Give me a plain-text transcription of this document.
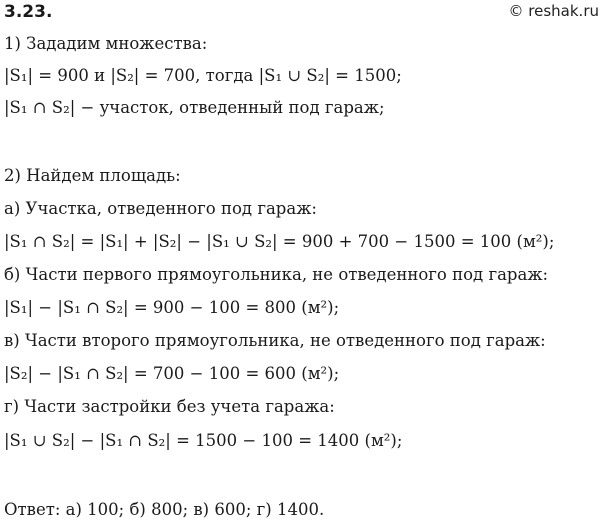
3.23.	© reshak.ru
1) Зададим множества:
|S₁| = 900 и |S₂| = 700, тогда |S₁ ∪ S₂| = 1500;
|S₁ ∩ S₂| − участок, отведенный под гараж;
2) Найдем площадь:
а) Участка, отведенного под гараж:
|S₁ ∩ S₂| = |S₁| + |S₂| − |S₁ ∪ S₂| = 900 + 700 − 1500 = 100 (м²);
б) Части первого прямоугольника, не отведенного под гараж:
|S₁| − |S₁ ∩ S₂| = 900 − 100 = 800 (м²);
в) Части второго прямоугольника, не отведенного под гараж:
|S₂| − |S₁ ∩ S₂| = 700 − 100 = 600 (м²);
г) Части застройки без учета гаража:
|S₁ ∪ S₂| − |S₁ ∩ S₂| = 1500 − 100 = 1400 (м²);
Ответ: а) 100; б) 800; в) 600; г) 1400.
